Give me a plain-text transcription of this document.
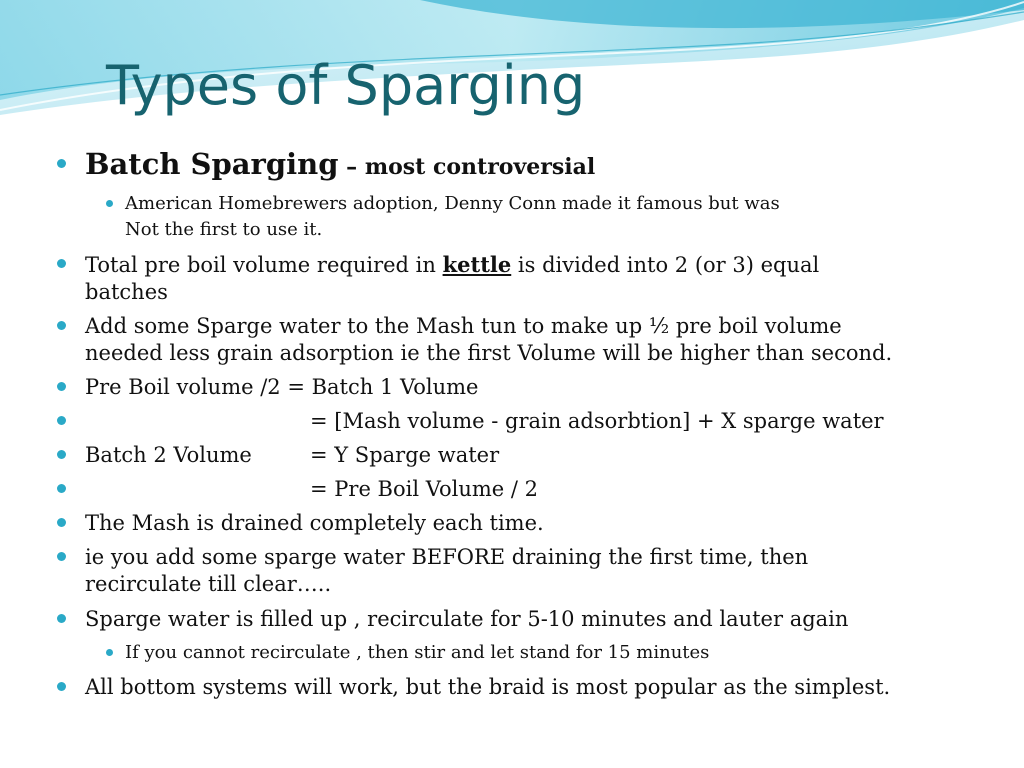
Types of Sparging
Batch Sparging – most controversial
American Homebrewers adoption, Denny Conn made it famous but was
Not the first to use it.
Total pre boil volume required in kettle is divided into 2 (or 3) equal
batches
Add some Sparge water to the Mash tun to make up ½ pre boil volume
needed less grain adsorption ie the first Volume will be higher than second.
Pre Boil volume /2 = Batch 1 Volume
= [Mash volume - grain adsorbtion] + X sparge water
Batch 2 Volume	= Y Sparge water
= Pre Boil Volume / 2
The Mash is drained completely each time.
ie you add some sparge water BEFORE draining the first time, then
recirculate till clear…..
Sparge water is filled up , recirculate for 5-10 minutes and lauter again
If you cannot recirculate , then stir and let stand for 15 minutes
All bottom systems will work, but the braid is most popular as the simplest.
